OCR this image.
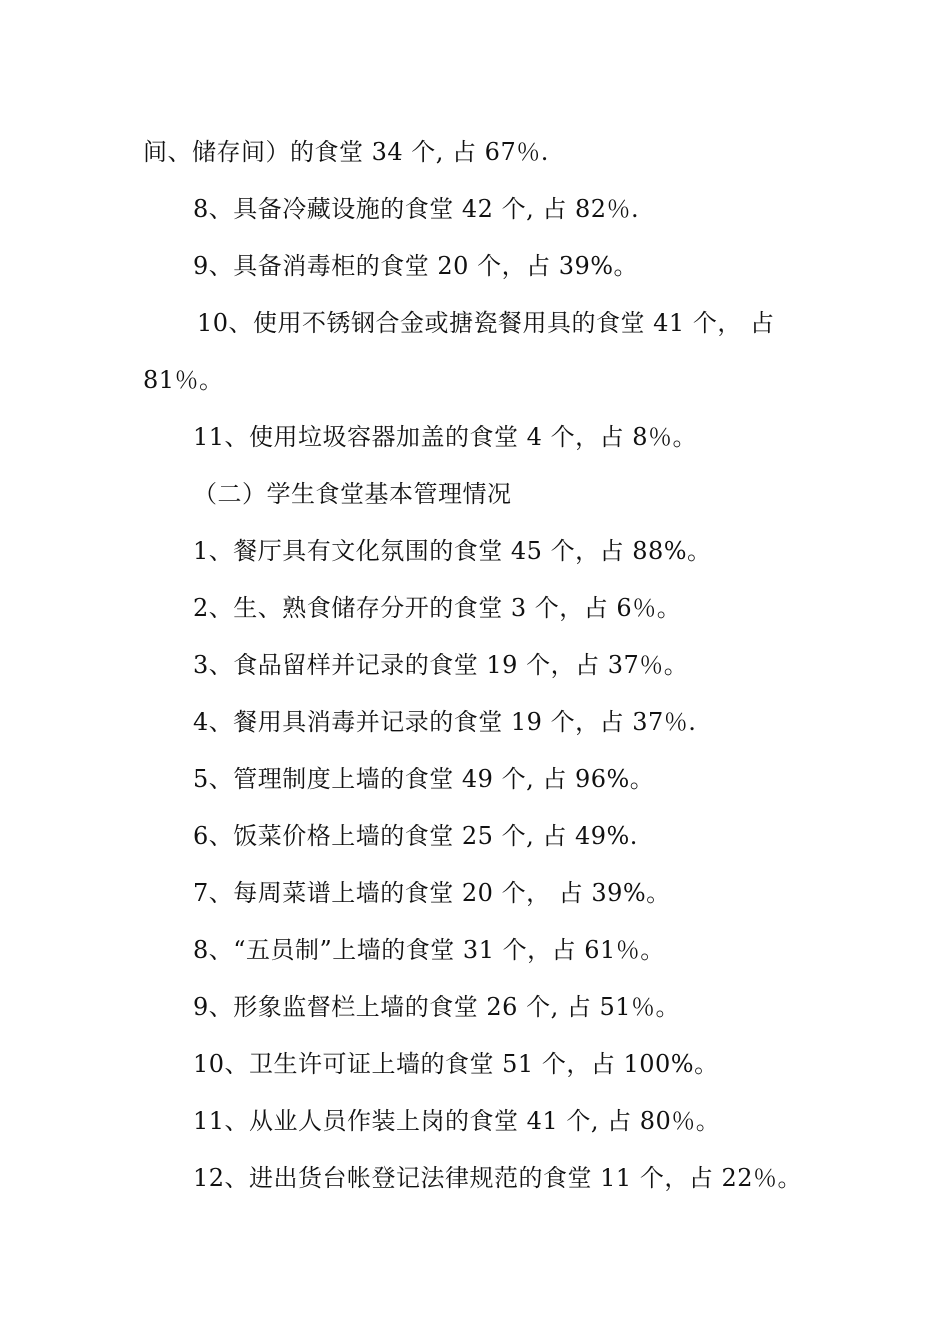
间、储存间）的食堂 34 个, 占 67％.
8、具备冷藏设施的食堂 42 个, 占 82％.
9、具备消毒柜的食堂 20 个，占 39%。
10、使用不锈钢合金或搪瓷餐用具的食堂 41 个， 占
81％。
11、使用垃圾容器加盖的食堂 4 个，占 8％。
（二）学生食堂基本管理情况
1、餐厅具有文化氛围的食堂 45 个，占 88%。
2、生、熟食储存分开的食堂 3 个，占 6％。
3、食品留样并记录的食堂 19 个，占 37％。
4、餐用具消毒并记录的食堂 19 个，占 37％.
5、管理制度上墙的食堂 49 个, 占 96%。
6、饭菜价格上墙的食堂 25 个, 占 49%.
7、每周菜谱上墙的食堂 20 个， 占 39%。
8、“五员制”上墙的食堂 31 个，占 61％。
9、形象监督栏上墙的食堂 26 个, 占 51％。
10、卫生许可证上墙的食堂 51 个，占 100%。
11、从业人员作装上岗的食堂 41 个, 占 80％。
12、进出货台帐登记法律规范的食堂 11 个，占 22％。
